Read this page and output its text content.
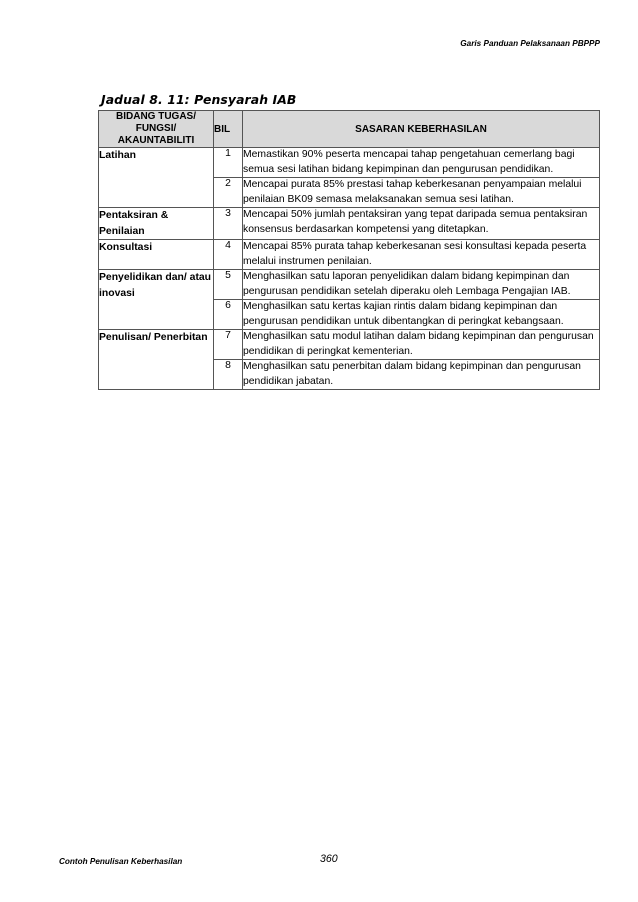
Garis Panduan Pelaksanaan PBPPP
Jadual 8. 11: Pensyarah IAB
BIDANG TUGAS/ FUNGSI/ AKAUNTABILITI	BIL	SASARAN KEBERHASILAN
Latihan	1	Memastikan 90% peserta mencapai tahap pengetahuan cemerlang bagi semua sesi latihan bidang kepimpinan dan pengurusan pendidikan.
	2	Mencapai purata 85% prestasi tahap keberkesanan penyampaian melalui penilaian BK09 semasa melaksanakan semua sesi latihan.
Pentaksiran & Penilaian	3	Mencapai 50% jumlah pentaksiran yang tepat daripada semua pentaksiran konsensus berdasarkan kompetensi yang ditetapkan.
Konsultasi	4	Mencapai 85% purata tahap keberkesanan sesi konsultasi kepada peserta melalui instrumen penilaian.
Penyelidikan dan/ atau inovasi	5	Menghasilkan satu laporan penyelidikan dalam bidang kepimpinan dan pengurusan pendidikan setelah diperaku oleh Lembaga Pengajian IAB.
	6	Menghasilkan satu kertas kajian rintis dalam bidang kepimpinan dan pengurusan pendidikan untuk dibentangkan di peringkat kebangsaan.
Penulisan/ Penerbitan	7	Menghasilkan satu modul latihan dalam bidang kepimpinan dan pengurusan pendidikan di peringkat kementerian.
	8	Menghasilkan satu penerbitan dalam bidang kepimpinan dan pengurusan pendidikan jabatan.
Contoh Penulisan Keberhasilan	360
